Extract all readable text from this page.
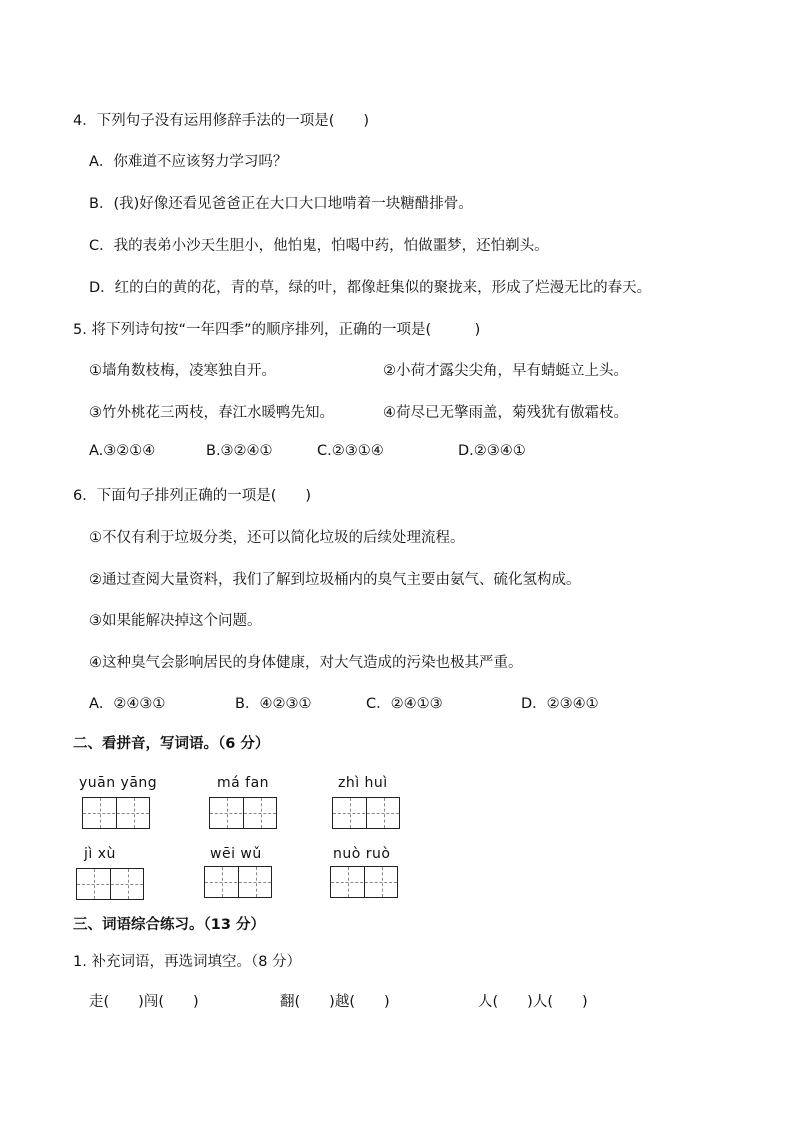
4．下列句子没有运用修辞手法的一项是(　　)
A．你难道不应该努力学习吗？
B．(我)好像还看见爸爸正在大口大口地啃着一块糖醋排骨。
C．我的表弟小沙天生胆小，他怕鬼，怕喝中药，怕做噩梦，还怕剃头。
D．红的白的黄的花，青的草，绿的叶，都像赶集似的聚拢来，形成了烂漫无比的春天。
5. 将下列诗句按“一年四季”的顺序排列，正确的一项是(　　　)
①墙角数枝梅，凌寒独自开。	②小荷才露尖尖角，早有蜻蜓立上头。
③竹外桃花三两枝，春江水暖鸭先知。	④荷尽已无擎雨盖，菊残犹有傲霜枝。
A.③②①④	B.③②④①	C.②③①④	D.②③④①
6．下面句子排列正确的一项是(　　)
①不仅有利于垃圾分类，还可以简化垃圾的后续处理流程。
②通过查阅大量资料，我们了解到垃圾桶内的臭气主要由氨气、硫化氢构成。
③如果能解决掉这个问题。
④这种臭气会影响居民的身体健康，对大气造成的污染也极其严重。
A．②④③①	B．④②③①	C．②④①③	D．②③④①
二、看拼音，写词语。（6 分）
yuān yāng	má fan	zhì huì
jì xù	wēi wǔ	nuò ruò
三、词语综合练习。（13 分）
1. 补充词语，再选词填空。（8 分）
走(　　)闯(　　)	翻(　　)越(　　)	人(　　)人(　　)
